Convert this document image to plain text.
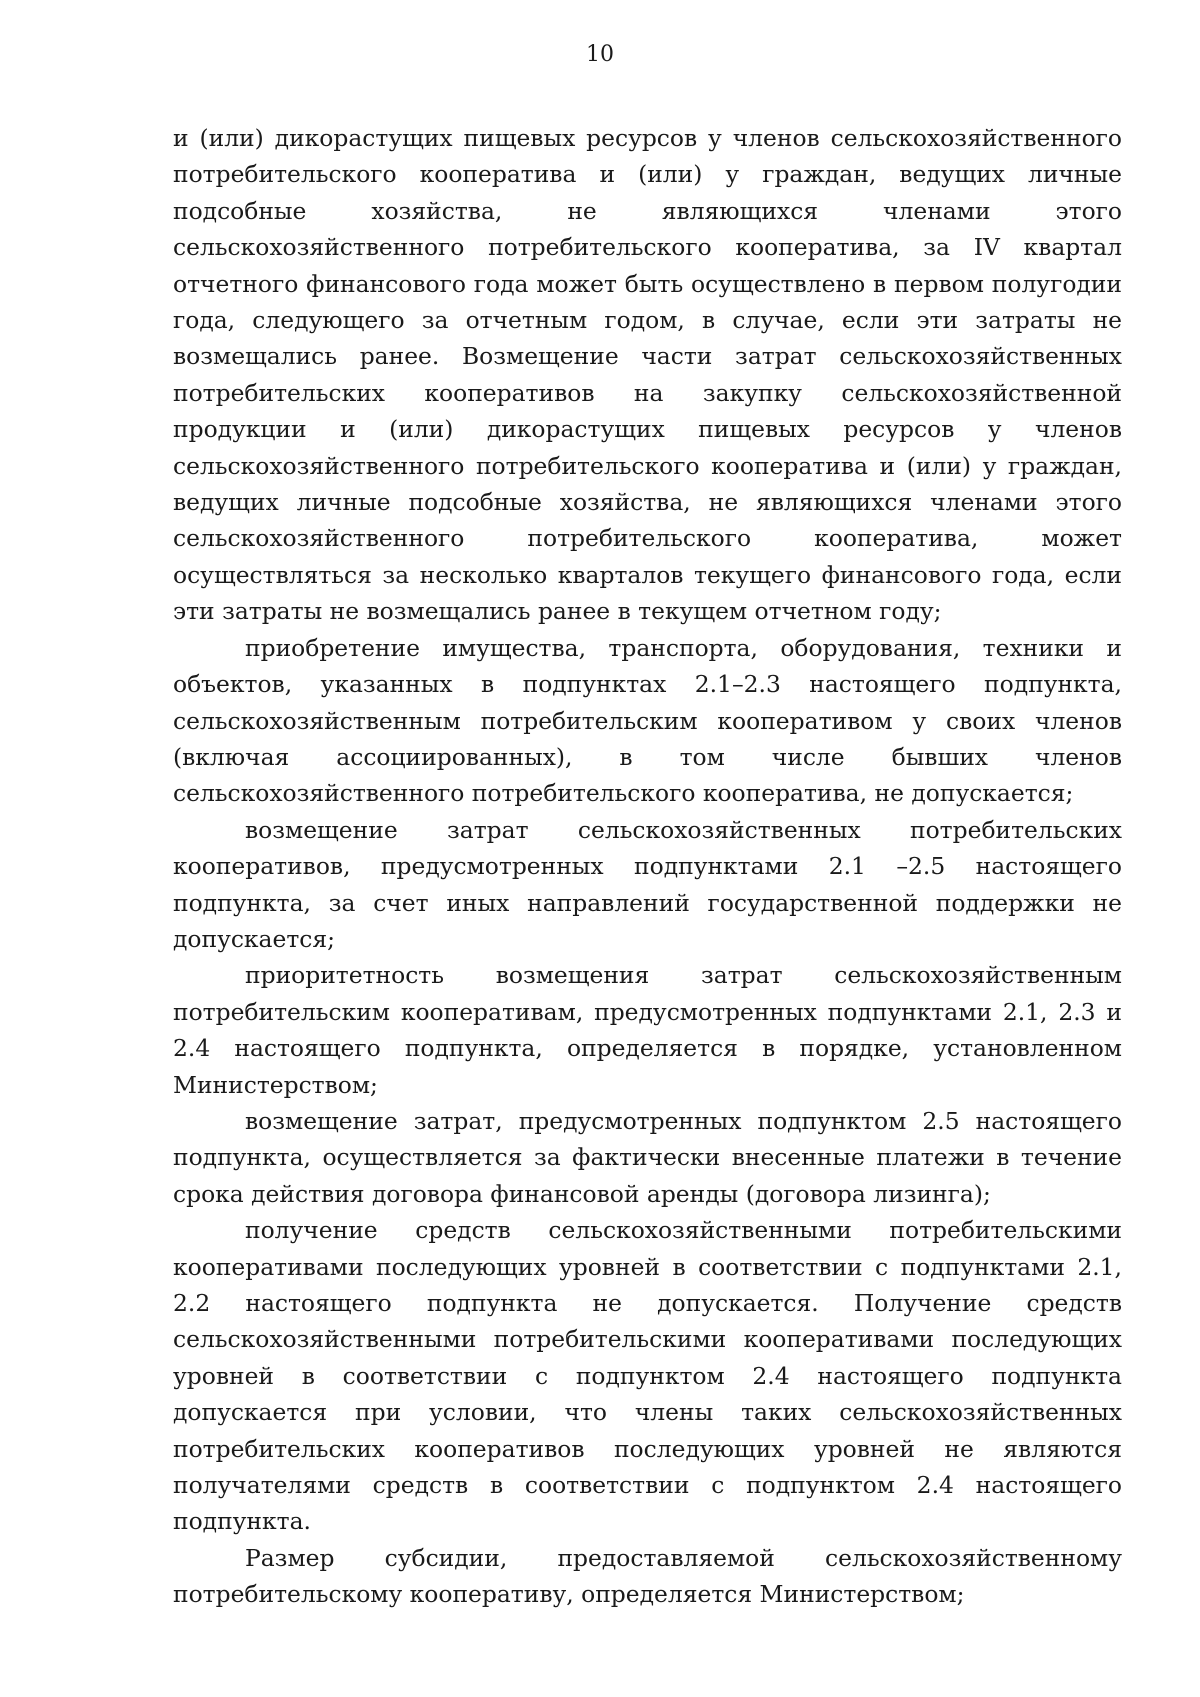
10

и (или) дикорастущих пищевых ресурсов у членов сельскохозяйственного потребительского кооператива и (или) у граждан, ведущих личные подсобные хозяйства, не являющихся членами этого сельскохозяйственного потребительского кооператива, за IV квартал отчетного финансового года может быть осуществлено в первом полугодии года, следующего за отчетным годом, в случае, если эти затраты не возмещались ранее. Возмещение части затрат сельскохозяйственных потребительских кооперативов на закупку сельскохозяйственной продукции и (или) дикорастущих пищевых ресурсов у членов сельскохозяйственного потребительского кооператива и (или) у граждан, ведущих личные подсобные хозяйства, не являющихся членами этого сельскохозяйственного потребительского кооператива, может осуществляться за несколько кварталов текущего финансового года, если эти затраты не возмещались ранее в текущем отчетном году;

приобретение имущества, транспорта, оборудования, техники и объектов, указанных в подпунктах 2.1–2.3 настоящего подпункта, сельскохозяйственным потребительским кооперативом у своих членов (включая ассоциированных), в том числе бывших членов сельскохозяйственного потребительского кооператива, не допускается;

возмещение затрат сельскохозяйственных потребительских кооперативов, предусмотренных подпунктами 2.1 –2.5 настоящего подпункта, за счет иных направлений государственной поддержки не допускается;

приоритетность возмещения затрат сельскохозяйственным потребительским кооперативам, предусмотренных подпунктами 2.1, 2.3 и 2.4 настоящего подпункта, определяется в порядке, установленном Министерством;

возмещение затрат, предусмотренных подпунктом 2.5 настоящего подпункта, осуществляется за фактически внесенные платежи в течение срока действия договора финансовой аренды (договора лизинга);

получение средств сельскохозяйственными потребительскими кооперативами последующих уровней в соответствии с подпунктами 2.1, 2.2 настоящего подпункта не допускается. Получение средств сельскохозяйственными потребительскими кооперативами последующих уровней в соответствии с подпунктом 2.4 настоящего подпункта допускается при условии, что члены таких сельскохозяйственных потребительских кооперативов последующих уровней не являются получателями средств в соответствии с подпунктом 2.4 настоящего подпункта.

Размер субсидии, предоставляемой сельскохозяйственному потребительскому кооперативу, определяется Министерством;
